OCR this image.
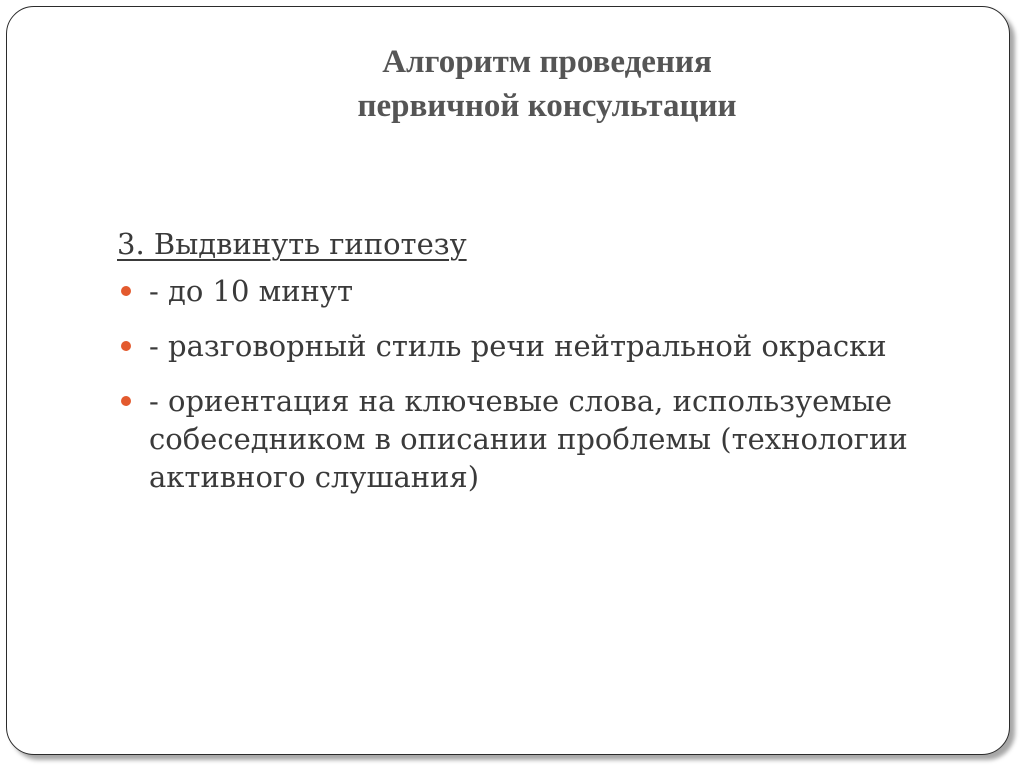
Алгоритм проведения
первичной консультации
3. Выдвинуть гипотезу
- до 10 минут
- разговорный стиль речи нейтральной окраски
- ориентация на ключевые слова, используемые собеседником в описании проблемы (технологии активного слушания)
